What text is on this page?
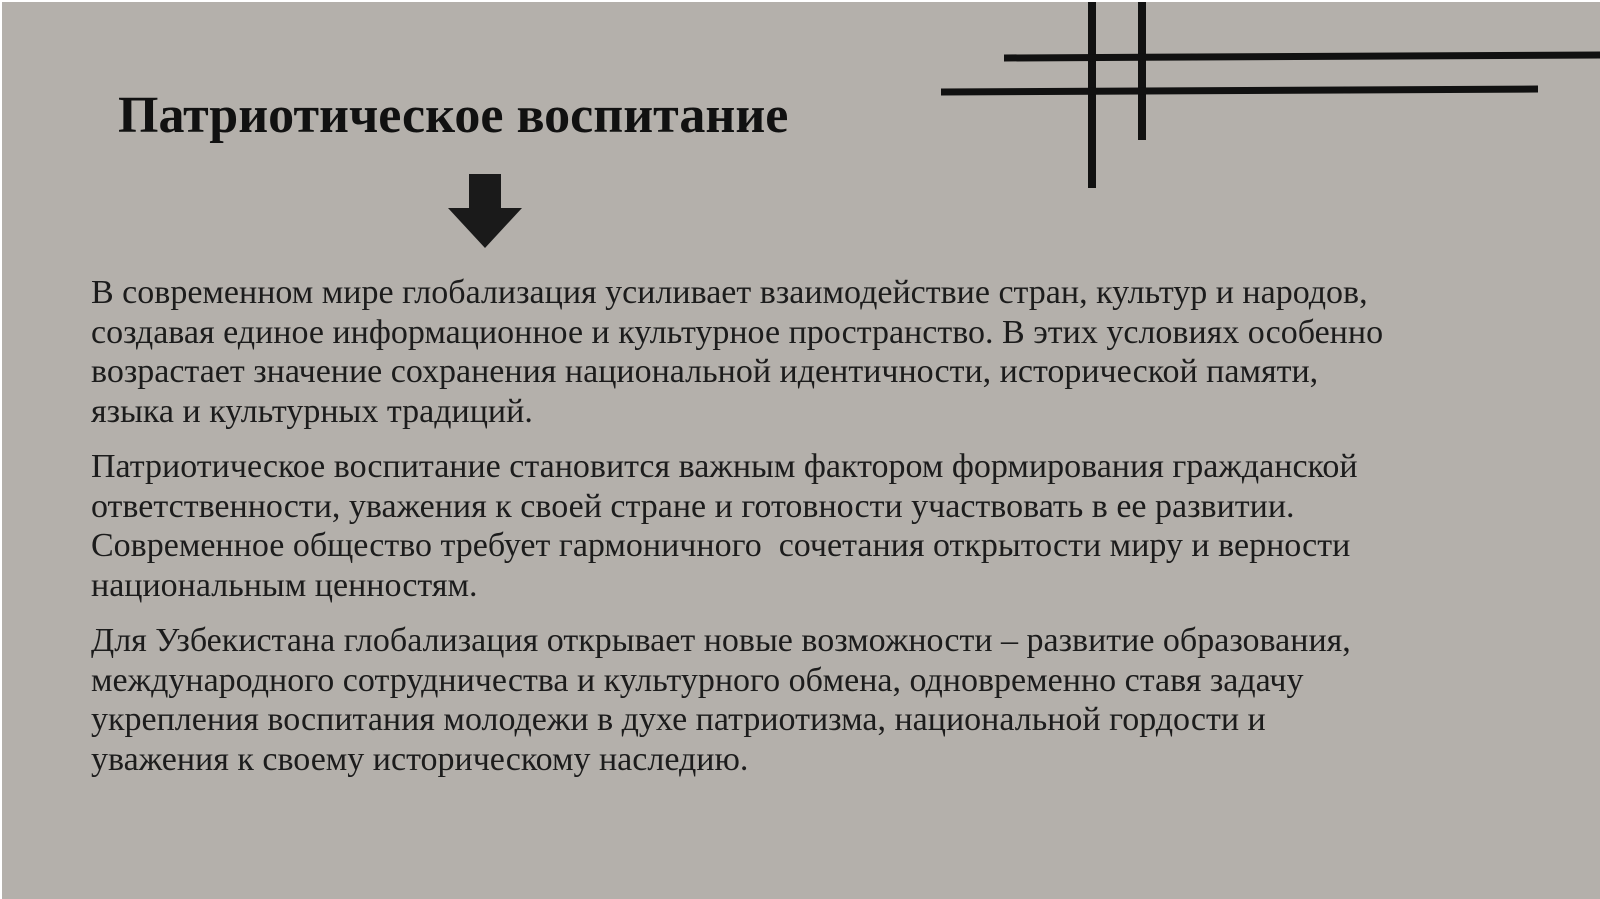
Патриотическое воспитание

В современном мире глобализация усиливает взаимодействие стран, культур и народов,
создавая единое информационное и культурное пространство. В этих условиях особенно
возрастает значение сохранения национальной идентичности, исторической памяти,
языка и культурных традиций.

Патриотическое воспитание становится важным фактором формирования гражданской
ответственности, уважения к своей стране и готовности участвовать в ее развитии.
Современное общество требует гармоничного  сочетания открытости миру и верности
национальным ценностям.

Для Узбекистана глобализация открывает новые возможности – развитие образования,
международного сотрудничества и культурного обмена, одновременно ставя задачу
укрепления воспитания молодежи в духе патриотизма, национальной гордости и
уважения к своему историческому наследию.
